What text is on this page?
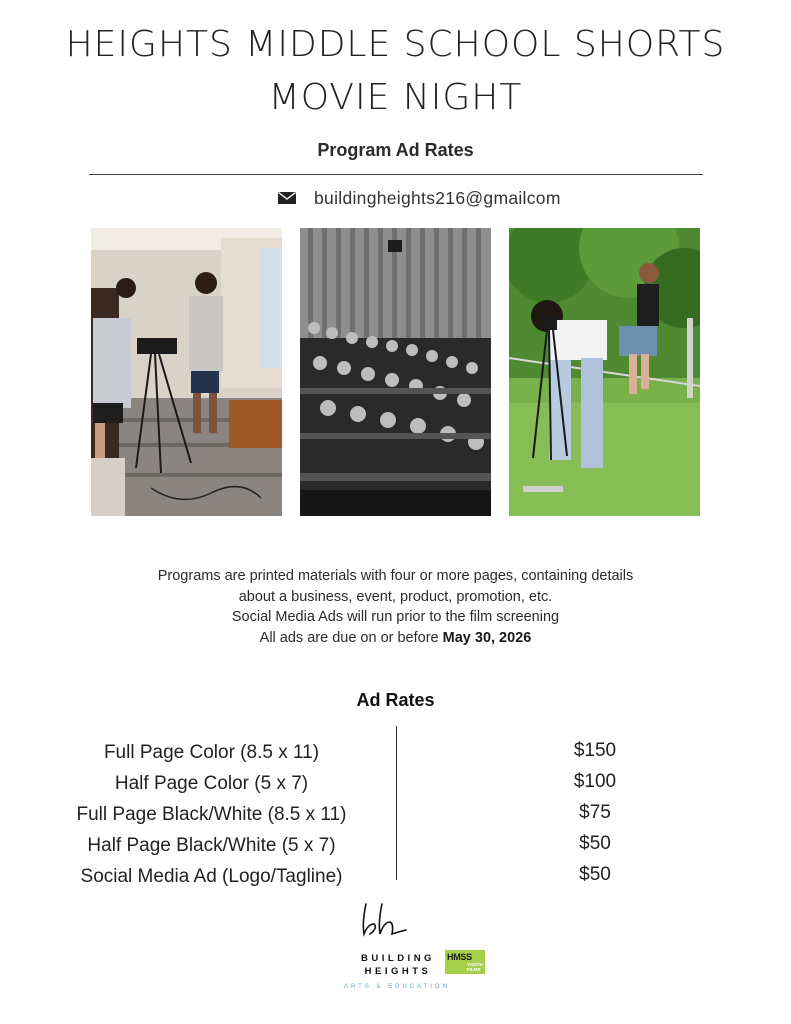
HEIGHTS MIDDLE SCHOOL SHORTS
MOVIE NIGHT
Program Ad Rates
buildingheights216@gmailcom
Programs are printed materials with four or more pages, containing details
about a business, event, product, promotion, etc.
Social Media Ads will run prior to the film screening
All ads are due on or before May 30, 2026
Ad Rates
Full Page Color (8.5 x 11)
Half Page Color (5 x 7)
Full Page Black/White (8.5 x 11)
Half Page Black/White (5 x 7)
Social Media Ad (Logo/Tagline)
$150
$100
$75
$50
$50
BUILDING
HEIGHTS
HMSS
YOUTH
FILMS
ARTS & EDUCATION
